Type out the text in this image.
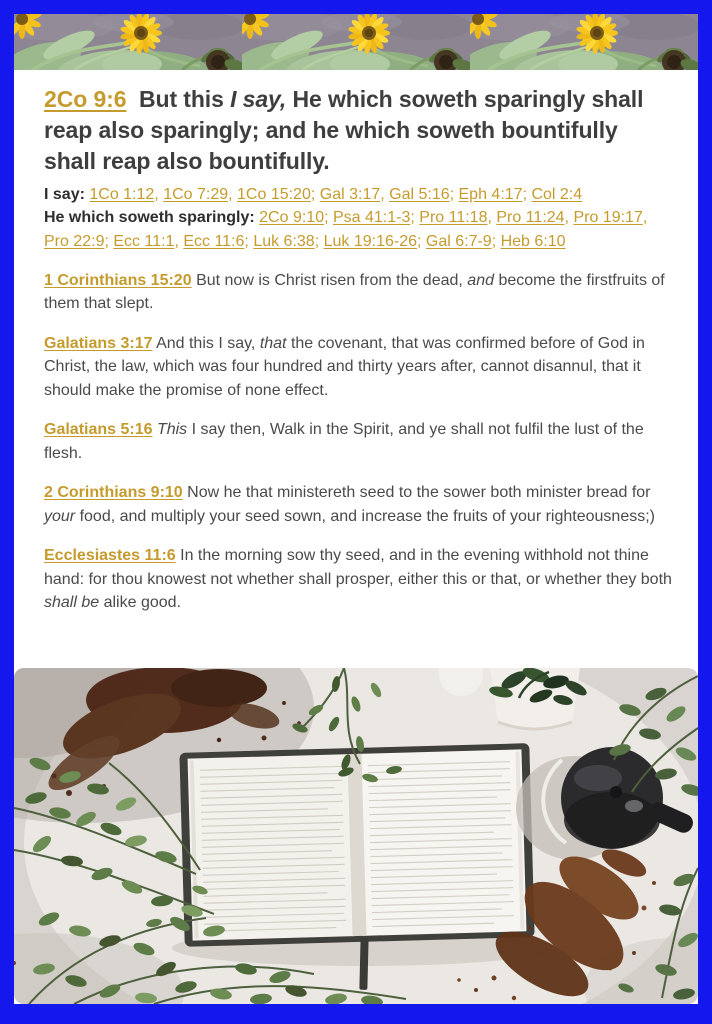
2Co 9:6 But this I say, He which soweth sparingly shall reap also sparingly; and he which soweth bountifully shall reap also bountifully.
I say: 1Co 1:12, 1Co 7:29, 1Co 15:20; Gal 3:17, Gal 5:16; Eph 4:17; Col 2:4
He which soweth sparingly: 2Co 9:10; Psa 41:1-3; Pro 11:18, Pro 11:24, Pro 19:17, Pro 22:9; Ecc 11:1, Ecc 11:6; Luk 6:38; Luk 19:16-26; Gal 6:7-9; Heb 6:10

1 Corinthians 15:20 But now is Christ risen from the dead, and become the firstfruits of them that slept.

Galatians 3:17 And this I say, that the covenant, that was confirmed before of God in Christ, the law, which was four hundred and thirty years after, cannot disannul, that it should make the promise of none effect.

Galatians 5:16 This I say then, Walk in the Spirit, and ye shall not fulfil the lust of the flesh.

2 Corinthians 9:10 Now he that ministereth seed to the sower both minister bread for your food, and multiply your seed sown, and increase the fruits of your righteousness;)

Ecclesiastes 11:6 In the morning sow thy seed, and in the evening withhold not thine hand: for thou knowest not whether shall prosper, either this or that, or whether they both shall be alike good.
